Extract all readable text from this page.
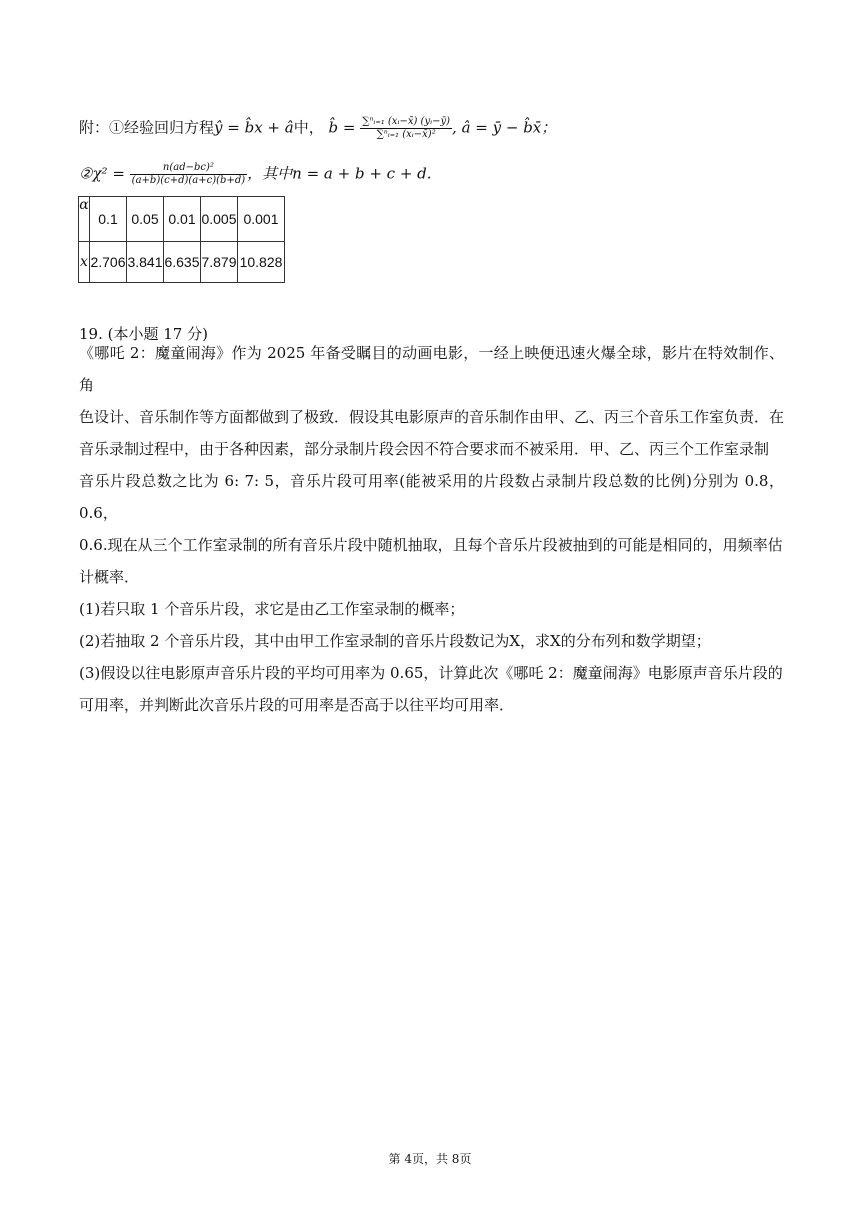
附：①经验回归方程ŷ = b̂x + â中， b̂ = $\frac{\text{∑ⁿᵢ₌₁ (xᵢ−x̄) (yᵢ−ȳ)}}{\text{∑ⁿᵢ₌₁ (xᵢ−x̄)²}}$ , â = ȳ − b̂x̄；
②χ² = $\frac{\text{n(ad−bc)²}}{(a+b)(c+d)(a+c)(b+d)}$ ，其中n = a + b + c + d.
α	0.1	0.05	0.01	0.005	0.001
x	2.706	3.841	6.635	7.879	10.828
19. (本小题 17 分)
《哪吒 2：魔童闹海》作为 2025 年备受瞩目的动画电影，一经上映便迅速火爆全球，影片在特效制作、角
色设计、音乐制作等方面都做到了极致．假设其电影原声的音乐制作由甲、乙、丙三个音乐工作室负责．在
音乐录制过程中，由于各种因素，部分录制片段会因不符合要求而不被采用．甲、乙、丙三个工作室录制
音乐片段总数之比为 6: 7: 5，音乐片段可用率(能被采用的片段数占录制片段总数的比例)分别为 0.8，0.6，
0.6.现在从三个工作室录制的所有音乐片段中随机抽取，且每个音乐片段被抽到的可能是相同的，用频率估
计概率．
(1)若只取 1 个音乐片段，求它是由乙工作室录制的概率；
(2)若抽取 2 个音乐片段，其中由甲工作室录制的音乐片段数记为X，求X的分布列和数学期望；
(3)假设以往电影原声音乐片段的平均可用率为 0.65，计算此次《哪吒 2：魔童闹海》电影原声音乐片段的
可用率，并判断此次音乐片段的可用率是否高于以往平均可用率．
第 4页，共 8页
